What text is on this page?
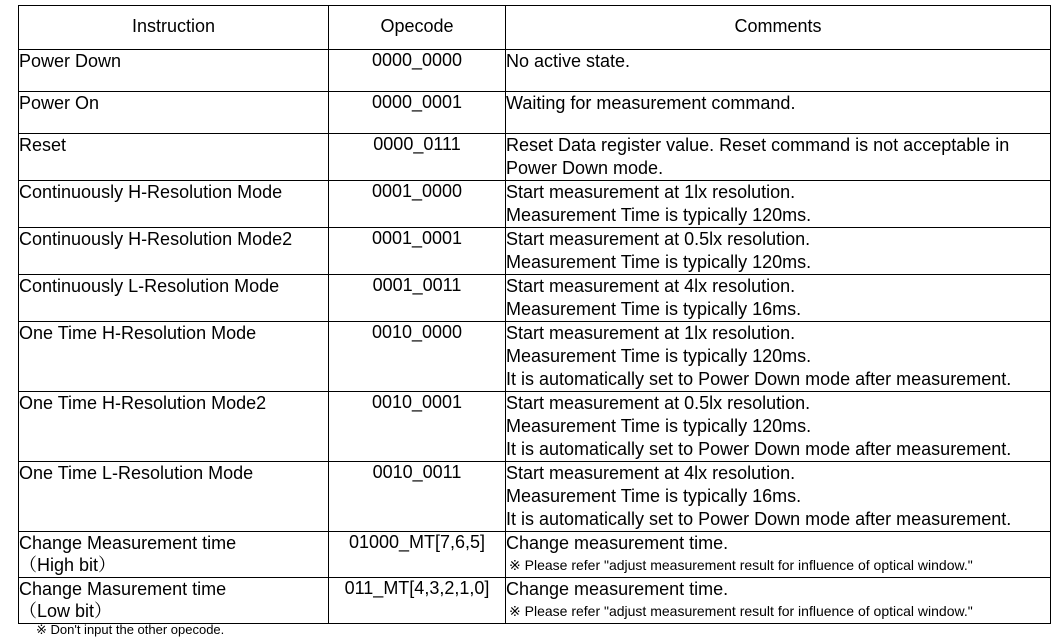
Instruction	Opecode	Comments

Power Down	0000_0000	No active state.

Power On	0000_0001	Waiting for measurement command.

Reset	0000_0111	Reset Data register value. Reset command is not acceptable in
Power Down mode.

Continuously H-Resolution Mode	0001_0000	Start measurement at 1lx resolution.
Measurement Time is typically 120ms.

Continuously H-Resolution Mode2	0001_0001	Start measurement at 0.5lx resolution.
Measurement Time is typically 120ms.

Continuously L-Resolution Mode	0001_0011	Start measurement at 4lx resolution.
Measurement Time is typically 16ms.

One Time H-Resolution Mode	0010_0000	Start measurement at 1lx resolution.
Measurement Time is typically 120ms.
It is automatically set to Power Down mode after measurement.

One Time H-Resolution Mode2	0010_0001	Start measurement at 0.5lx resolution.
Measurement Time is typically 120ms.
It is automatically set to Power Down mode after measurement.

One Time L-Resolution Mode	0010_0011	Start measurement at 4lx resolution.
Measurement Time is typically 16ms.
It is automatically set to Power Down mode after measurement.

Change Measurement time
（High bit）	01000_MT[7,6,5]	Change measurement time.
※ Please refer "adjust measurement result for influence of optical window."

Change Masurement time
（Low bit）	011_MT[4,3,2,1,0]	Change measurement time.
※ Please refer "adjust measurement result for influence of optical window."
※ Don't input the other opecode.
